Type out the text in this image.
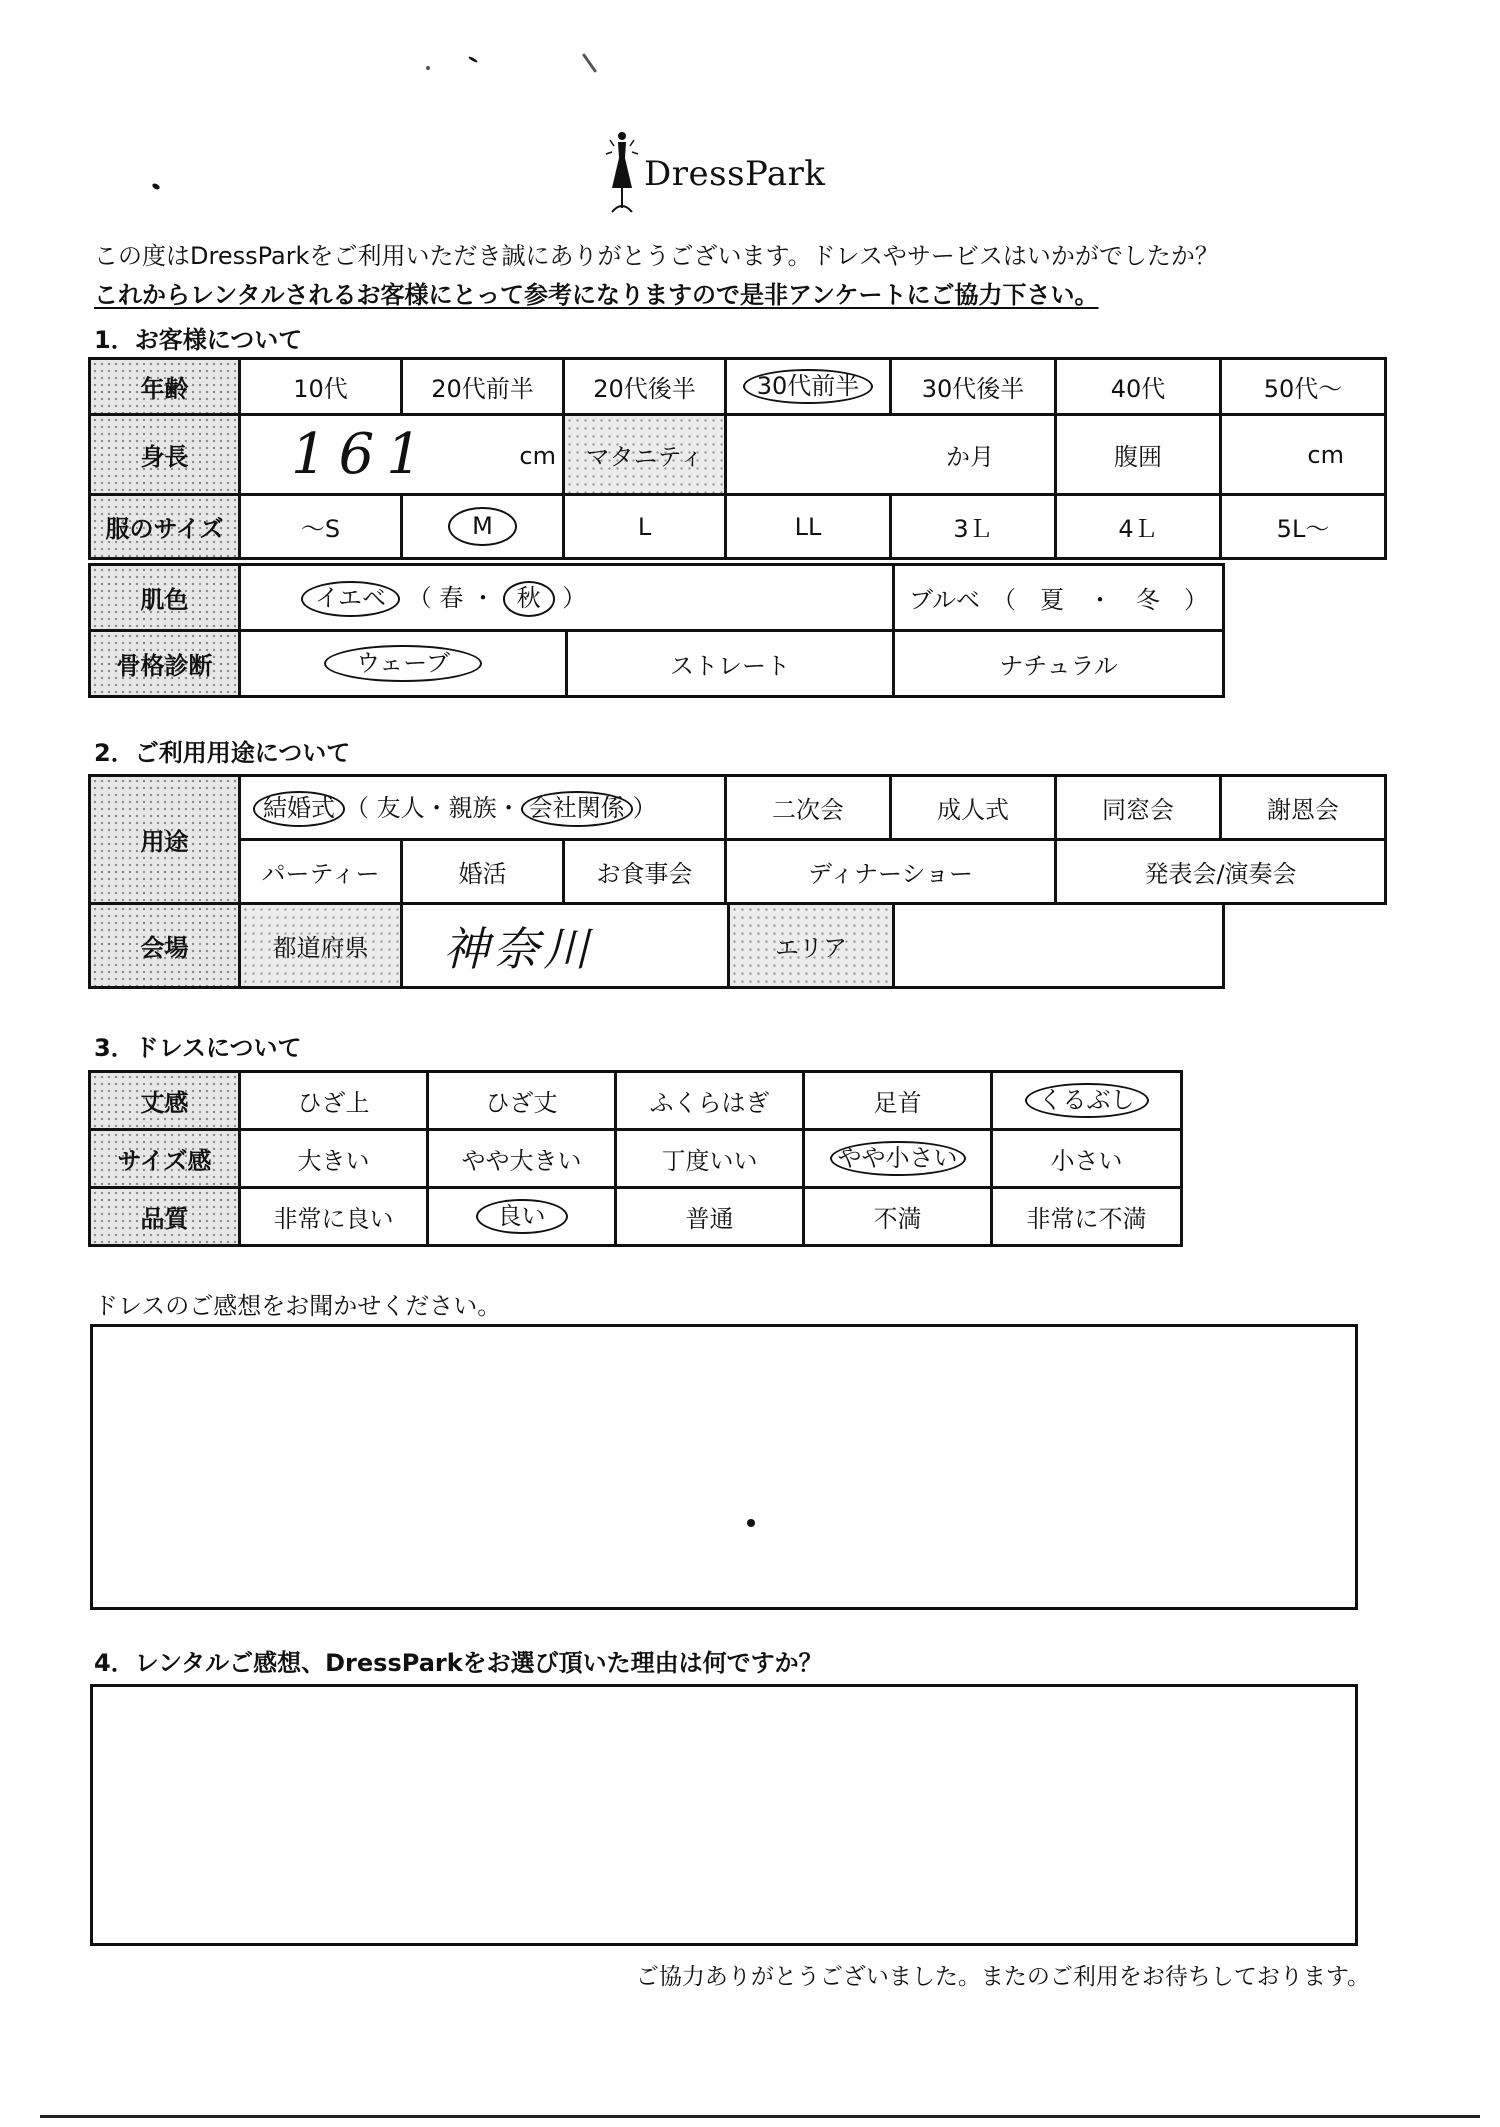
DressPark
この度はDressParkをご利用いただき誠にありがとうございます。ドレスやサービスはいかがでしたか？
これからレンタルされるお客様にとって参考になりますので是非アンケートにご協力下さい。
1．お客様について
年齢	10代	20代前半	20代後半	30代前半	30代後半	40代	50代～
身長	161 cm		マタニティ	か月		腹囲	cm
服のサイズ	～S	M	L	LL	3Ｌ	4Ｌ	5L～
肌色	イエベ （ 春 ・ 秋 ）	ブルベ　（　夏　・　冬　）
骨格診断	ウェーブ	ストレート	ナチュラル
2．ご利用用途について
用途	結婚式 （ 友人・親族・ 会社関係 ）			二次会	成人式	同窓会	謝恩会
	パーティー	婚活	お食事会	ディナーショー		発表会/演奏会	
会場	都道府県	神奈川	エリア	
3．ドレスについて
丈感	ひざ上	ひざ丈	ふくらはぎ	足首	くるぶし
サイズ感	大きい	やや大きい	丁度いい	やや小さい	小さい
品質	非常に良い	良い	普通	不満	非常に不満
ドレスのご感想をお聞かせください。
4．レンタルご感想、DressParkをお選び頂いた理由は何ですか？
ご協力ありがとうございました。またのご利用をお待ちしております。
